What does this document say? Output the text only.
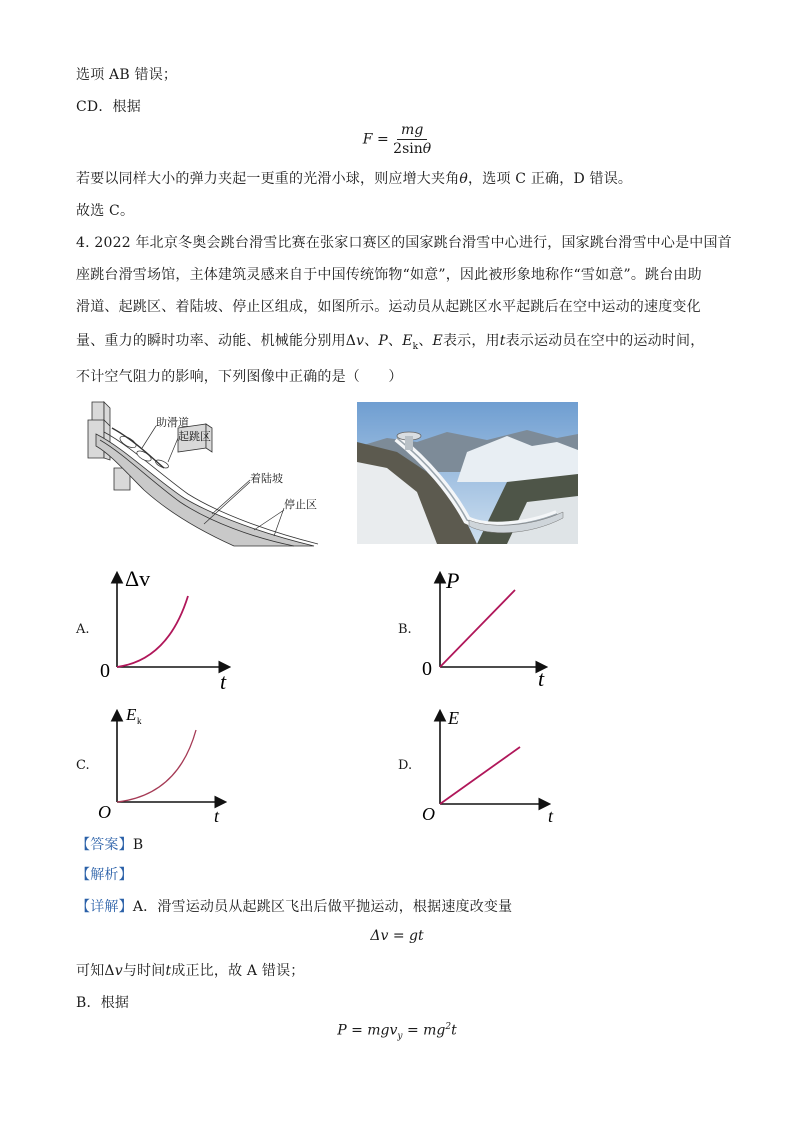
选项 AB 错误；
CD．根据
$F = \frac{mg}{2\sin\theta}$
若要以同样大小的弹力夹起一更重的光滑小球，则应增大夹角θ，选项 C 正确，D 错误。
故选 C。
4. 2022 年北京冬奥会跳台滑雪比赛在张家口赛区的国家跳台滑雪中心进行，国家跳台滑雪中心是中国首
座跳台滑雪场馆，主体建筑灵感来自于中国传统饰物“如意”，因此被形象地称作“雪如意”。跳台由助
滑道、起跳区、着陆坡、停止区组成，如图所示。运动员从起跳区水平起跳后在空中运动的速度变化
量、重力的瞬时功率、动能、机械能分别用Δv、P、$E_k$、E表示，用t表示运动员在空中的运动时间，
不计空气阻力的影响，下列图像中正确的是（　　）
助滑道
起跳区
着陆坡
停止区
A.
Δv
0	t
B.
P
0	t
C.
E k
O	t
D.
E
O	t
【答案】B
【解析】
【详解】A．滑雪运动员从起跳区飞出后做平抛运动，根据速度改变量
Δv = gt
可知Δv与时间t成正比，故 A 错误；
B．根据
$P = mgv_y = mg^2t$
